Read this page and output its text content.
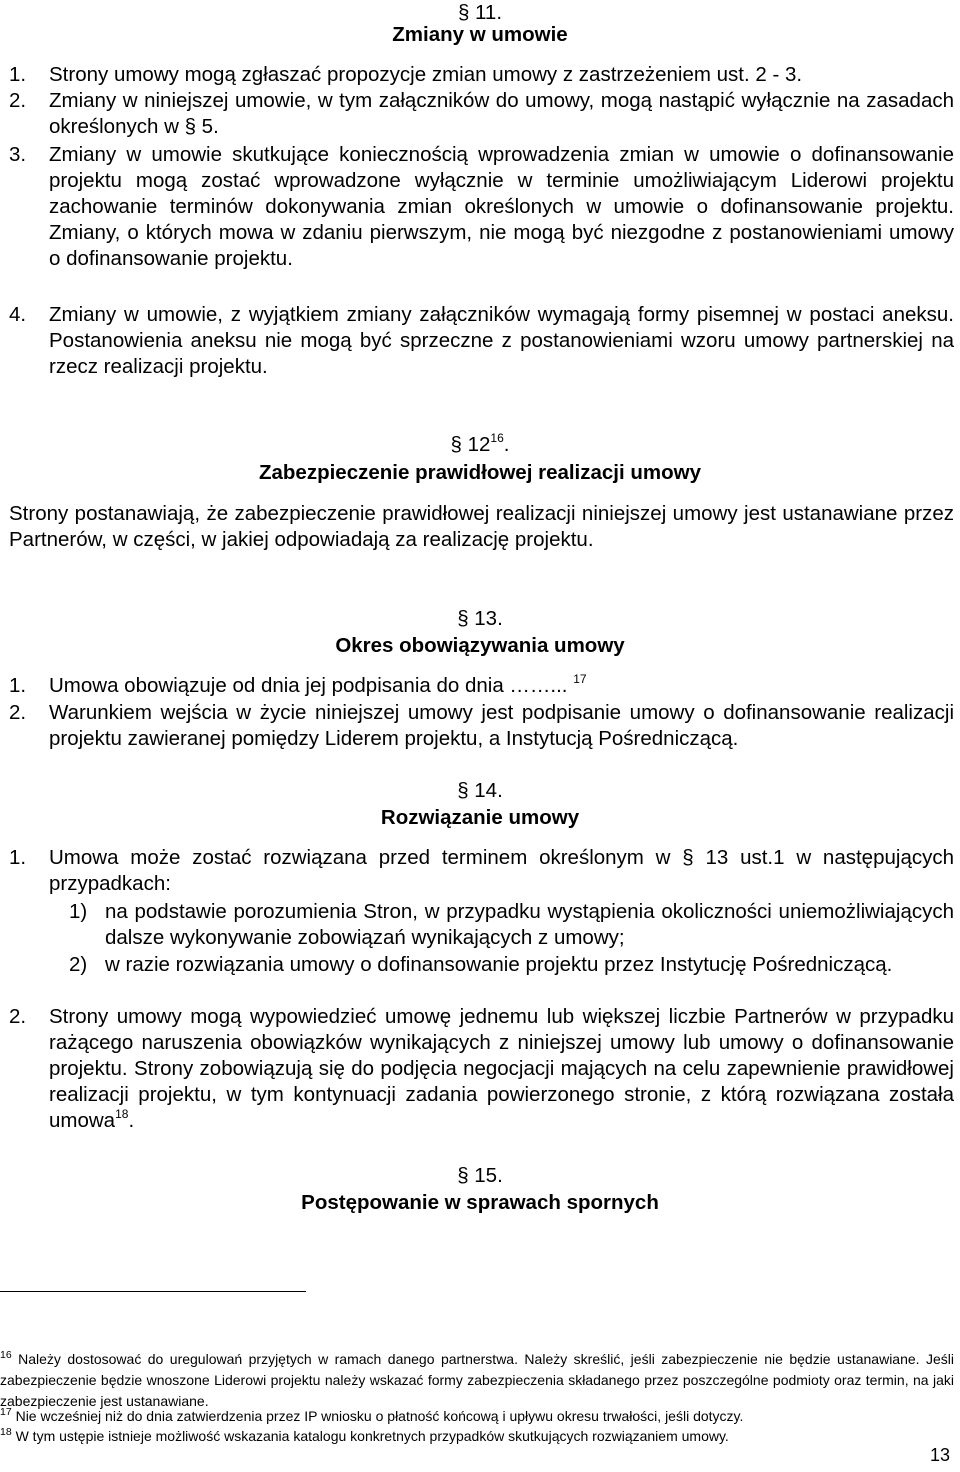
§ 11.

Zmiany w umowie

1. Strony umowy mogą zgłaszać propozycje zmian umowy z zastrzeżeniem ust. 2 - 3.
2. Zmiany w niniejszej umowie, w tym załączników do umowy, mogą nastąpić wyłącznie na zasadach określonych w § 5.
3. Zmiany w umowie skutkujące koniecznością wprowadzenia zmian w umowie o dofinansowanie projektu mogą zostać wprowadzone wyłącznie w terminie umożliwiającym Liderowi projektu zachowanie terminów dokonywania zmian określonych w umowie o dofinansowanie projektu. Zmiany, o których mowa w zdaniu pierwszym, nie mogą być niezgodne z postanowieniami umowy o dofinansowanie projektu.
4. Zmiany w umowie, z wyjątkiem zmiany załączników wymagają formy pisemnej w postaci aneksu. Postanowienia aneksu nie mogą być sprzeczne z postanowieniami wzoru umowy partnerskiej na rzecz realizacji projektu.

§ $12^{16}$.

Zabezpieczenie prawidłowej realizacji umowy

Strony postanawiają, że zabezpieczenie prawidłowej realizacji niniejszej umowy jest ustanawiane przez Partnerów, w części, w jakiej odpowiadają za realizację projektu.

§ 13.

Okres obowiązywania umowy

1. Umowa obowiązuje od dnia jej podpisania do dnia ……... $^{17}$
2. Warunkiem wejścia w życie niniejszej umowy jest podpisanie umowy o dofinansowanie realizacji projektu zawieranej pomiędzy Liderem projektu, a Instytucją Pośredniczącą.

§ 14.

Rozwiązanie umowy

1. Umowa może zostać rozwiązana przed terminem określonym w § 13 ust.1 w następujących przypadkach:
1) na podstawie porozumienia Stron, w przypadku wystąpienia okoliczności uniemożliwiających dalsze wykonywanie zobowiązań wynikających z umowy;
2) w razie rozwiązania umowy o dofinansowanie projektu przez Instytucję Pośredniczącą.
2. Strony umowy mogą wypowiedzieć umowę jednemu lub większej liczbie Partnerów w przypadku rażącego naruszenia obowiązków wynikających z niniejszej umowy lub umowy o dofinansowanie projektu. Strony zobowiązują się do podjęcia negocjacji mających na celu zapewnienie prawidłowej realizacji projektu, w tym kontynuacji zadania powierzonego stronie, z którą rozwiązana została umowa$^{18}$.

§ 15.

Postępowanie w sprawach spornych

$^{16}$ Należy dostosować do uregulowań przyjętych w ramach danego partnerstwa. Należy skreślić, jeśli zabezpieczenie nie będzie ustanawiane. Jeśli zabezpieczenie będzie wnoszone Liderowi projektu należy wskazać formy zabezpieczenia składanego przez poszczególne podmioty oraz termin, na jaki zabezpieczenie jest ustanawiane.

$^{17}$ Nie wcześniej niż do dnia zatwierdzenia przez IP wniosku o płatność końcową i upływu okresu trwałości, jeśli dotyczy.

$^{18}$ W tym ustępie istnieje możliwość wskazania katalogu konkretnych przypadków skutkujących rozwiązaniem umowy.

13
